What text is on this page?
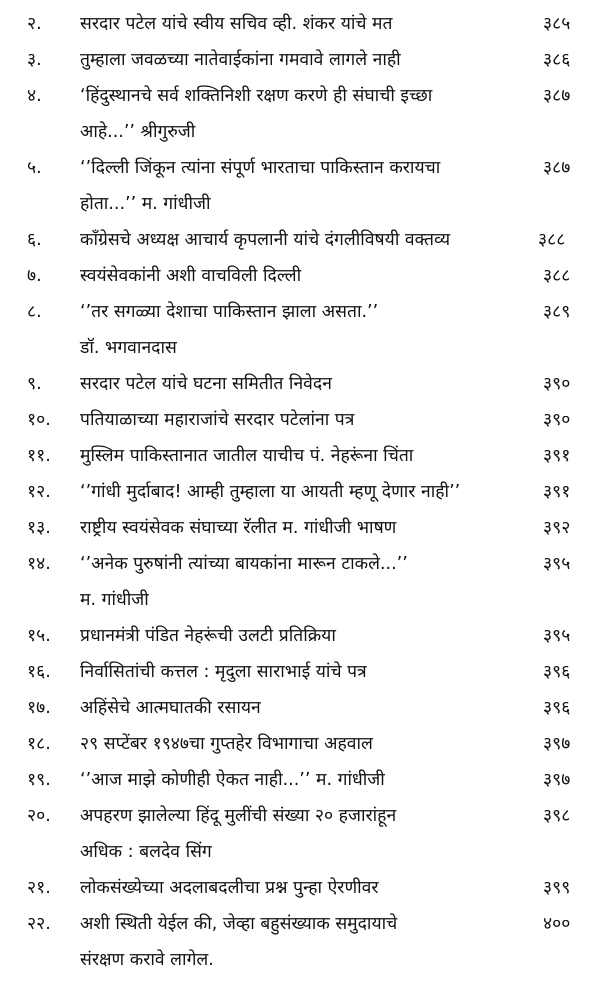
२.	सरदार पटेल यांचे स्वीय सचिव व्ही. शंकर यांचे मत	३८५
३.	तुम्हाला जवळच्या नातेवाईकांना गमवावे लागले नाही	३८६
४.	‘हिंदुस्थानचे सर्व शक्तिनिशी रक्षण करणे ही संघाची इच्छा
आहे...’’ श्रीगुरुजी
३८७
५.	‘’दिल्ली जिंकून त्यांना संपूर्ण भारताचा पाकिस्तान करायचा
होता...’’ म. गांधीजी
३८७
६.	काँग्रेसचे अध्यक्ष आचार्य कृपलानी यांचे दंगलीविषयी वक्तव्य	३८८
७.	स्वयंसेवकांनी अशी वाचविली दिल्ली	३८८
८.	‘’तर सगळ्या देशाचा पाकिस्तान झाला असता.’’
डॉ. भगवानदास
३८९
९.	सरदार पटेल यांचे घटना समितीत निवेदन	३९०
१०.	पतियाळाच्या महाराजांचे सरदार पटेलांना पत्र	३९०
११.	मुस्लिम पाकिस्तानात जातील याचीच पं. नेहरूंना चिंता	३९१
१२.	‘’गांधी मुर्दाबाद! आम्ही तुम्हाला या आयती म्हणू देणार नाही’’	३९१
१३.	राष्ट्रीय स्वयंसेवक संघाच्या रॅलीत म. गांधीजी भाषण	३९२
१४.	‘’अनेक पुरुषांनी त्यांच्या बायकांना मारून टाकले...’’
म. गांधीजी
३९५
१५.	प्रधानमंत्री पंडित नेहरूंची उलटी प्रतिक्रिया	३९५
१६.	निर्वासितांची कत्तल : मृदुला साराभाई यांचे पत्र	३९६
१७.	अहिंसेचे आत्मघातकी रसायन	३९६
१८.	२९ सप्टेंबर १९४७चा गुप्तहेर विभागाचा अहवाल	३९७
१९.	‘’आज माझे कोणीही ऐकत नाही...’’ म. गांधीजी	३९७
२०.	अपहरण झालेल्या हिंदू मुलींची संख्या २० हजारांहून
अधिक : बलदेव सिंग
३९८
२१.	लोकसंख्येच्या अदलाबदलीचा प्रश्न पुन्हा ऐरणीवर	३९९
२२.	अशी स्थिती येईल की, जेव्हा बहुसंख्याक समुदायाचे
संरक्षण करावे लागेल.
४००
